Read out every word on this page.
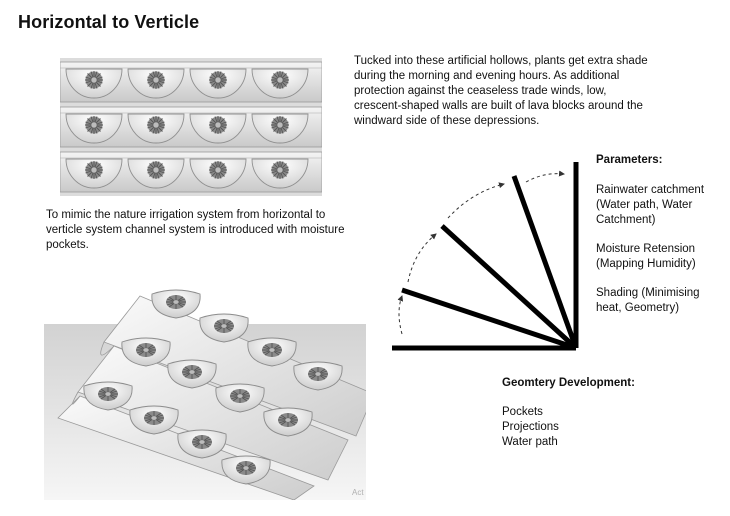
Horizontal to Verticle
Tucked into these artificial hollows, plants get extra shade during the morning and evening hours. As additional protection against the ceaseless trade winds, low, crescent-shaped walls are built of lava blocks around the windward side of these depressions.
To mimic the nature irrigation system from horizontal to verticle system channel system is introduced with moisture pockets.
Act
Parameters:
Rainwater catchment (Water path, Water Catchment)
Moisture Retension (Mapping Humidity)
Shading (Minimising heat, Geometry)
Geomtery Development:
Pockets
Projections
Water path
